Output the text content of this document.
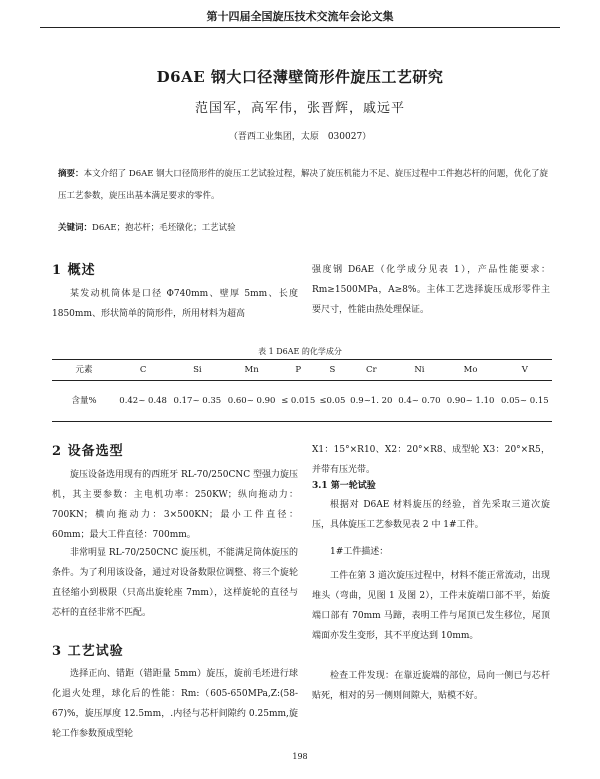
第十四届全国旋压技术交流年会论文集
D6AE 钢大口径薄壁筒形件旋压工艺研究
范国军，高军伟，张晋辉，戚远平
（晋西工业集团，太原　030027）
摘要：本文介绍了 D6AE 钢大口径筒形件的旋压工艺试验过程，解决了旋压机能力不足、旋压过程中工件抱芯杆的问题，优化了旋压工艺参数，旋压出基本满足要求的零件。
关键词：D6AE；抱芯杆；毛坯镦化；工艺试验
1 概述
某发动机筒体是口径 Φ740mm、壁厚 5mm、长度 1850mm、形状简单的筒形件，所用材料为超高
强度钢 D6AE（化学成分见表 1），产品性能要求：Rm≥1500MPa，A≥8%。主体工艺选择旋压成形零件主要尺寸，性能由热处理保证。
表 1 D6AE 的化学成分
元素	C	Si	Mn	P	S	Cr	Ni	Mo	V
含量%	0.42~ 0.48	0.17~ 0.35	0.60~ 0.90	≤ 0.015	≤0.05	0.9~1. 20	0.4~ 0.70	0.90~ 1.10	0.05~ 0.15
2 设备选型
旋压设备选用现有的西班牙 RL-70/250CNC 型强力旋压机，其主要参数：主电机功率：250KW；纵向拖动力：700KN；横向拖动力：3×500KN；最小工件直径：60mm；最大工件直径：700mm。
非常明显 RL-70/250CNC 旋压机，不能满足筒体旋压的条件。为了利用该设备，通过对设备数限位调整、将三个旋轮直径缩小到极限（只高出旋轮座 7mm），这样旋轮的直径与芯杆的直径非常不匹配。
3 工艺试验
选择正向、错距（错距量 5mm）旋压，旋前毛坯进行球化退火处理，球化后的性能：Rm:（605-650MPa,Z:(58-67)%，旋压厚度 12.5mm，.内径与芯杆间隙约 0.25mm,旋轮工作参数预成型轮
X1：15°×R10、X2：20°×R8、成型轮 X3：20°×R5，并带有压光带。
3.1 第一轮试验
根据对 D6AE 材料旋压的经验，首先采取三道次旋压，具体旋压工艺参数见表 2 中 1#工件。
1#工件描述：
工件在第 3 道次旋压过程中，材料不能正常流动，出现堆头（弯曲，见图 1 及图 2），工件末旋端口部不平，始旋端口部有 70mm 马蹄，表明工件与尾顶已发生移位，尾顶端面亦发生变形，其不平度达到 10mm。
检查工件发现：在靠近旋端的部位，局向一侧已与芯杆贴死，相对的另一侧则间隙大，贴模不好。
198
